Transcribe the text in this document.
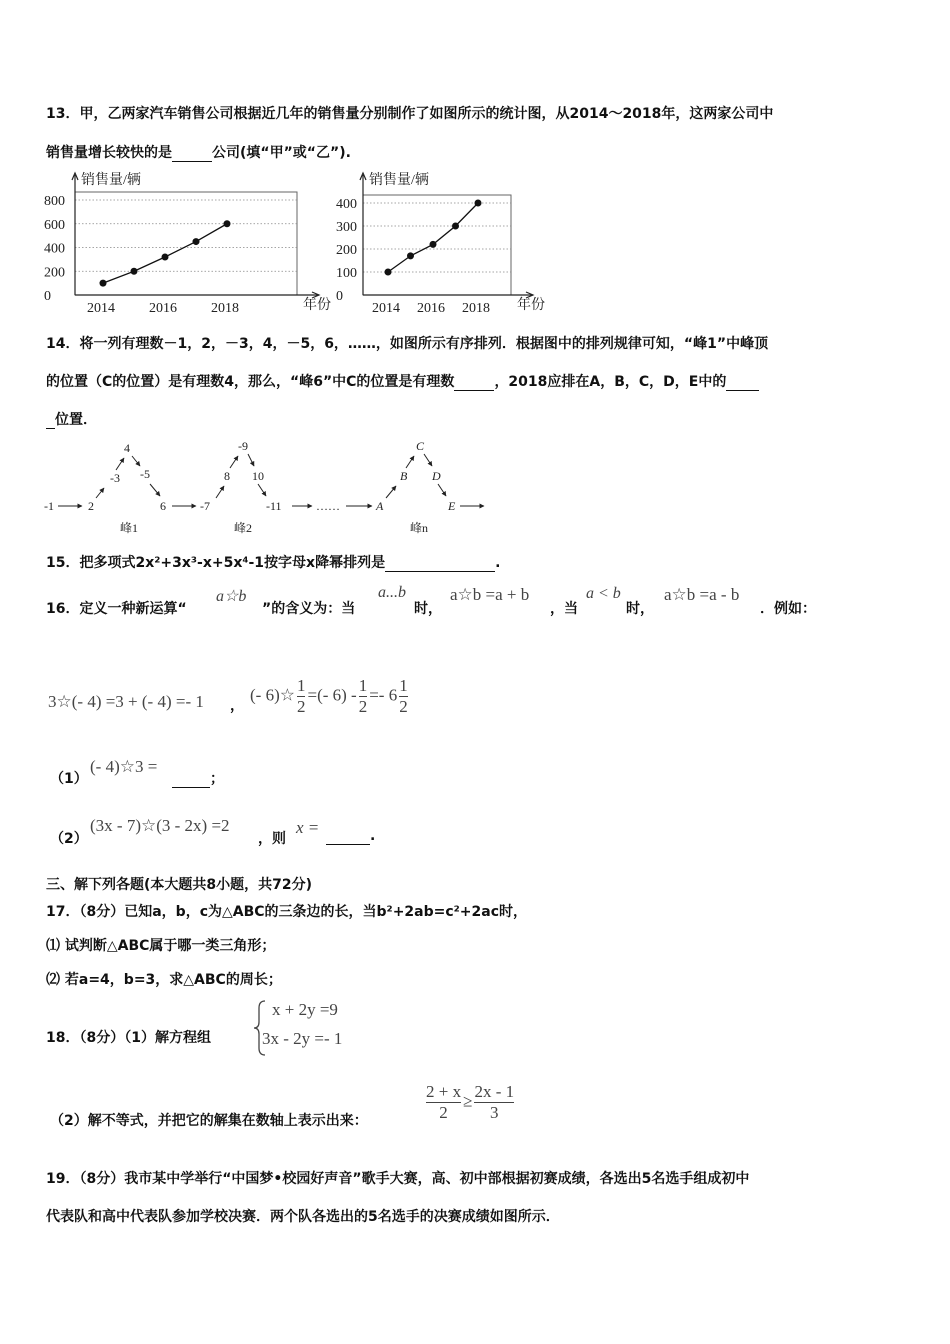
13．甲，乙两家汽车销售公司根据近几年的销售量分别制作了如图所示的统计图，从2014～2018年，这两家公司中
销售量增长较快的是	公司(填“甲”或“乙”).
800
600
400
200
0
销售量/辆
年份
2014 2016 2018
400
300
200
100
0
销售量/辆
年份
2014 2016 2018
14．将一列有理数－1，2，－3，4，－5，6，……，如图所示有序排列．根据图中的排列规律可知，“峰1”中峰顶
的位置（C的位置）是有理数4，那么，“峰6”中C的位置是有理数	，2018应排在A，B，C，D，E中的
位置．
-1	2
-3
4
-5
6	-7
8
-9
10
-11	……	A
B
C
D
E
峰1	峰2	峰n
15．把多项式2x²+3x³-x+5x⁴-1按字母x降幂排列是	.
16．定义一种新运算“
a☆b
”的含义为：当
a...b
时，
a☆b =a + b
，当
a < b
时，
a☆b =a - b
．例如：
3☆(- 4) =3 + (- 4) =- 1 ，
(- 6)☆ $\frac{1}{2}$ =(- $6) - \frac{1}{2} =- 6 \frac{1}{2}$
（1）
(- 4)☆3 =
；
（2）
(3x - 7)☆(3 - 2x) =2
，则
x =	.
三、解下列各题(本大题共8小题，共72分)
17．（8分）已知a，b，c为△ABC的三条边的长，当b²+2ab=c²+2ac时，
⑴ 试判断△ABC属于哪一类三角形；
⑵ 若a=4，b=3，求△ABC的周长；
18．（8分）（1）解方程组
x + 2y =9
3x - 2y =- 1
（2）解不等式，并把它的解集在数轴上表示出来：	$\frac{2 + x}{2} \ge \frac{2x - 1}{3}$
19．（8分）我市某中学举行“中国梦•校园好声音”歌手大赛，高、初中部根据初赛成绩，各选出5名选手组成初中
代表队和高中代表队参加学校决赛．两个队各选出的5名选手的决赛成绩如图所示．
